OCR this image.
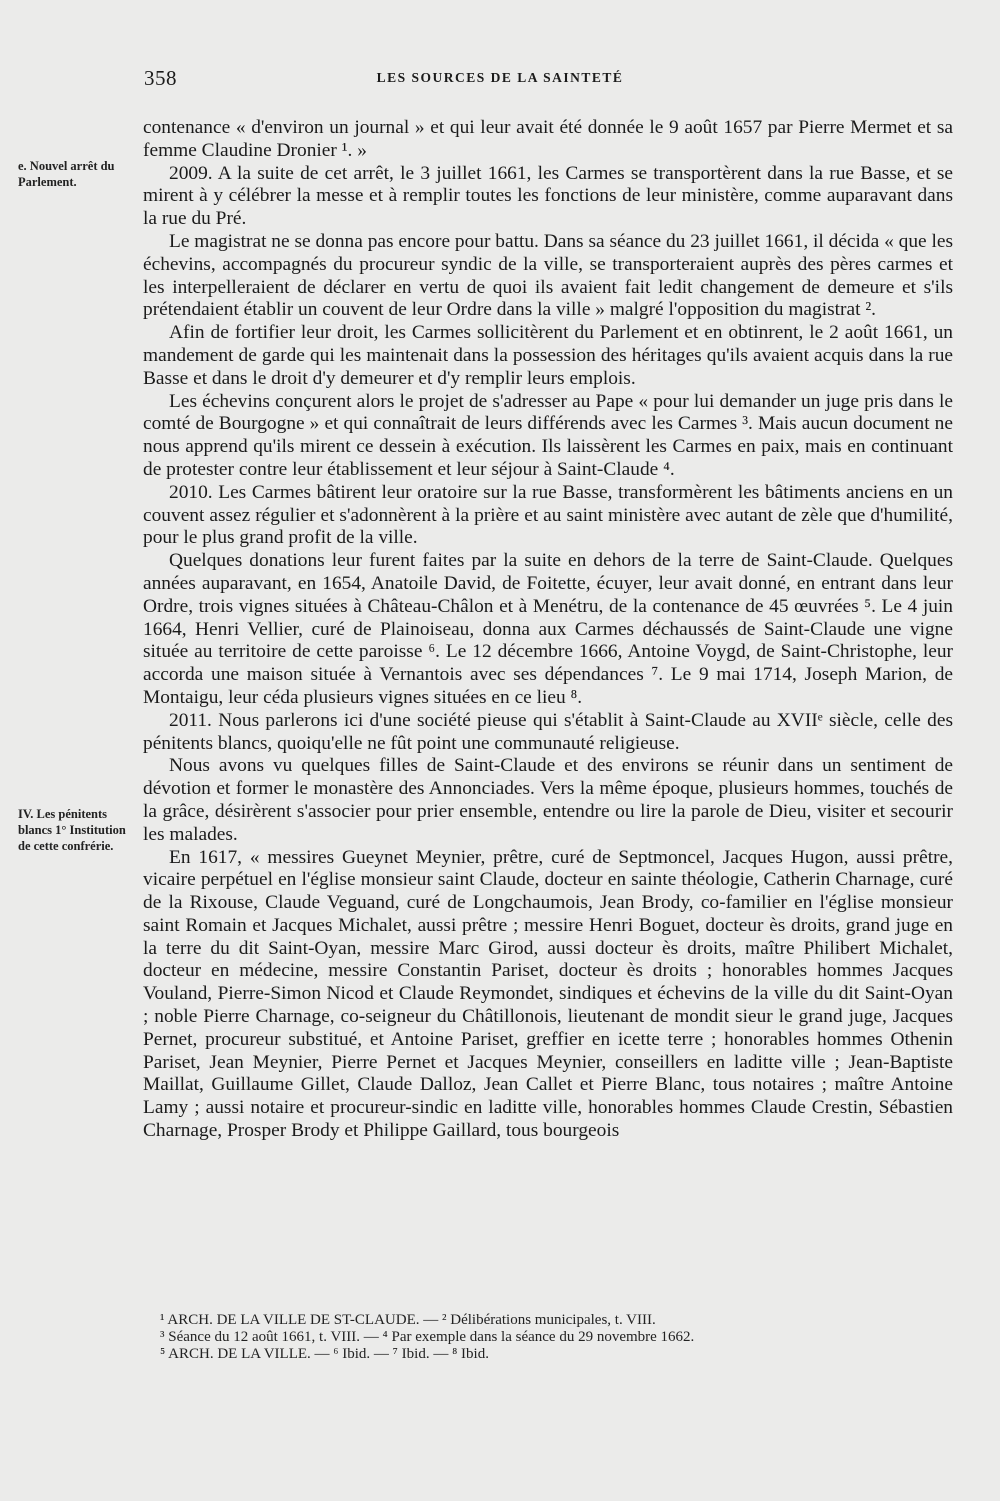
358	LES SOURCES DE LA SAINTETÉ
e. Nouvel arrêt du Parlement.
IV. Les pénitents blancs 1° Institution de cette confrérie.

contenance « d'environ un journal » et qui leur avait été donnée le 9 août 1657 par Pierre Mermet et sa femme Claudine Dronier ¹. »

2009. A la suite de cet arrêt, le 3 juillet 1661, les Carmes se transportèrent dans la rue Basse, et se mirent à y célébrer la messe et à remplir toutes les fonctions de leur ministère, comme auparavant dans la rue du Pré.

Le magistrat ne se donna pas encore pour battu. Dans sa séance du 23 juillet 1661, il décida « que les échevins, accompagnés du procureur syndic de la ville, se transporteraient auprès des pères carmes et les interpelleraient de déclarer en vertu de quoi ils avaient fait ledit changement de demeure et s'ils prétendaient établir un couvent de leur Ordre dans la ville » malgré l'opposition du magistrat ².

Afin de fortifier leur droit, les Carmes sollicitèrent du Parlement et en obtinrent, le 2 août 1661, un mandement de garde qui les maintenait dans la possession des héritages qu'ils avaient acquis dans la rue Basse et dans le droit d'y demeurer et d'y remplir leurs emplois.

Les échevins conçurent alors le projet de s'adresser au Pape « pour lui demander un juge pris dans le comté de Bourgogne » et qui connaîtrait de leurs différends avec les Carmes ³. Mais aucun document ne nous apprend qu'ils mirent ce dessein à exécution. Ils laissèrent les Carmes en paix, mais en continuant de protester contre leur établissement et leur séjour à Saint-Claude ⁴.

2010. Les Carmes bâtirent leur oratoire sur la rue Basse, transformèrent les bâtiments anciens en un couvent assez régulier et s'adonnèrent à la prière et au saint ministère avec autant de zèle que d'humilité, pour le plus grand profit de la ville.

Quelques donations leur furent faites par la suite en dehors de la terre de Saint-Claude. Quelques années auparavant, en 1654, Anatoile David, de Foitette, écuyer, leur avait donné, en entrant dans leur Ordre, trois vignes situées à Château-Châlon et à Menétru, de la contenance de 45 œuvrées ⁵. Le 4 juin 1664, Henri Vellier, curé de Plainoiseau, donna aux Carmes déchaussés de Saint-Claude une vigne située au territoire de cette paroisse ⁶. Le 12 décembre 1666, Antoine Voygd, de Saint-Christophe, leur accorda une maison située à Vernantois avec ses dépendances ⁷. Le 9 mai 1714, Joseph Marion, de Montaigu, leur céda plusieurs vignes situées en ce lieu ⁸.

2011. Nous parlerons ici d'une société pieuse qui s'établit à Saint-Claude au XVIIᵉ siècle, celle des pénitents blancs, quoiqu'elle ne fût point une communauté religieuse.

Nous avons vu quelques filles de Saint-Claude et des environs se réunir dans un sentiment de dévotion et former le monastère des Annonciades. Vers la même époque, plusieurs hommes, touchés de la grâce, désirèrent s'associer pour prier ensemble, entendre ou lire la parole de Dieu, visiter et secourir les malades.

En 1617, « messires Gueynet Meynier, prêtre, curé de Septmoncel, Jacques Hugon, aussi prêtre, vicaire perpétuel en l'église monsieur saint Claude, docteur en sainte théologie, Catherin Charnage, curé de la Rixouse, Claude Veguand, curé de Longchaumois, Jean Brody, co-familier en l'église monsieur saint Romain et Jacques Michalet, aussi prêtre ; messire Henri Boguet, docteur ès droits, grand juge en la terre du dit Saint-Oyan, messire Marc Girod, aussi docteur ès droits, maître Philibert Michalet, docteur en médecine, messire Constantin Pariset, docteur ès droits ; honorables hommes Jacques Vouland, Pierre-Simon Nicod et Claude Reymondet, sindiques et échevins de la ville du dit Saint-Oyan ; noble Pierre Charnage, co-seigneur du Châtillonois, lieutenant de mondit sieur le grand juge, Jacques Pernet, procureur substitué, et Antoine Pariset, greffier en icette terre ; honorables hommes Othenin Pariset, Jean Meynier, Pierre Pernet et Jacques Meynier, conseillers en laditte ville ; Jean-Baptiste Maillat, Guillaume Gillet, Claude Dalloz, Jean Callet et Pierre Blanc, tous notaires ; maître Antoine Lamy ; aussi notaire et procureur-sindic en laditte ville, honorables hommes Claude Crestin, Sébastien Charnage, Prosper Brody et Philippe Gaillard, tous bourgeois

¹ ARCH. DE LA VILLE DE ST-CLAUDE. — ² Délibérations municipales, t. VIII.
³ Séance du 12 août 1661, t. VIII. — ⁴ Par exemple dans la séance du 29 novembre 1662.
⁵ ARCH. DE LA VILLE. — ⁶ Ibid. — ⁷ Ibid. — ⁸ Ibid.
